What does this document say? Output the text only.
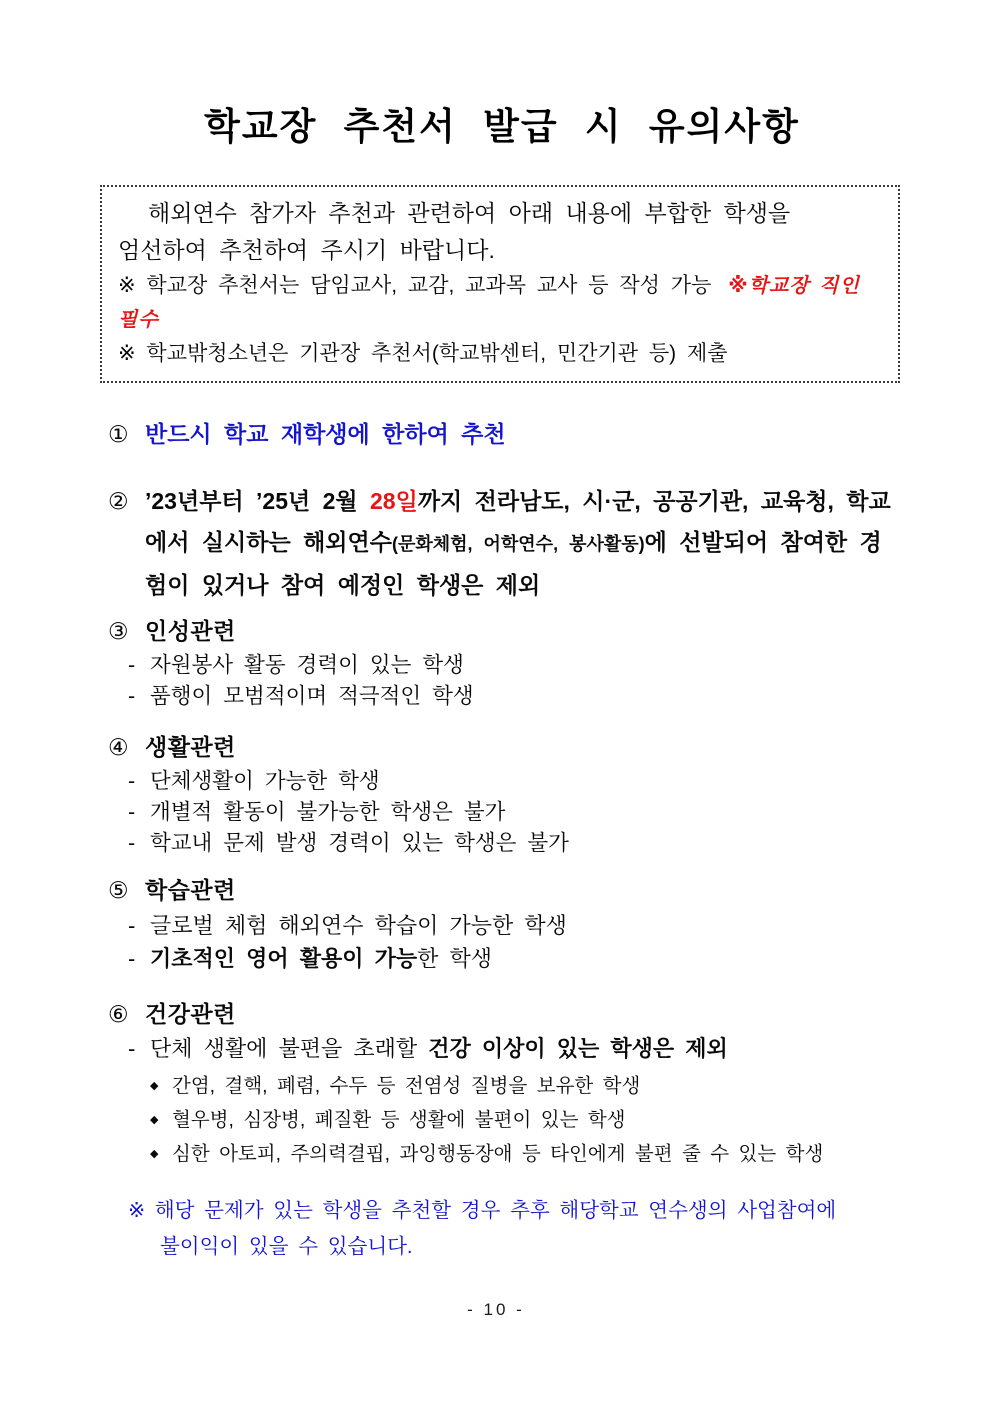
학교장 추천서 발급 시 유의사항

해외연수 참가자 추천과 관련하여 아래 내용에 부합한 학생을
엄선하여 추천하여 주시기 바랍니다.

※ 학교장 추천서는 담임교사, 교감, 교과목 교사 등 작성 가능 ※학교장 직인 필수

※ 학교밖청소년은 기관장 추천서(학교밖센터, 민간기관 등) 제출

① 반드시 학교 재학생에 한하여 추천
② ’23년부터 ’25년 2월 28일까지 전라남도, 시·군, 공공기관, 교육청, 학교
에서 실시하는 해외연수(문화체험, 어학연수, 봉사활동)에 선발되어 참여한 경
험이 있거나 참여 예정인 학생은 제외
③ 인성관련
- 자원봉사 활동 경력이 있는 학생
- 품행이 모범적이며 적극적인 학생
④ 생활관련
- 단체생활이 가능한 학생
- 개별적 활동이 불가능한 학생은 불가
- 학교내 문제 발생 경력이 있는 학생은 불가
⑤ 학습관련
- 글로벌 체험 해외연수 학습이 가능한 학생
- 기초적인 영어 활용이 가능한 학생
⑥ 건강관련
- 단체 생활에 불편을 초래할 건강 이상이 있는 학생은 제외
◆ 간염, 결핵, 폐렴, 수두 등 전염성 질병을 보유한 학생
◆ 혈우병, 심장병, 폐질환 등 생활에 불편이 있는 학생
◆ 심한 아토피, 주의력결핍, 과잉행동장애 등 타인에게 불편 줄 수 있는 학생
※ 해당 문제가 있는 학생을 추천할 경우 추후 해당학교 연수생의 사업참여에
불이익이 있을 수 있습니다.
- 10 -
